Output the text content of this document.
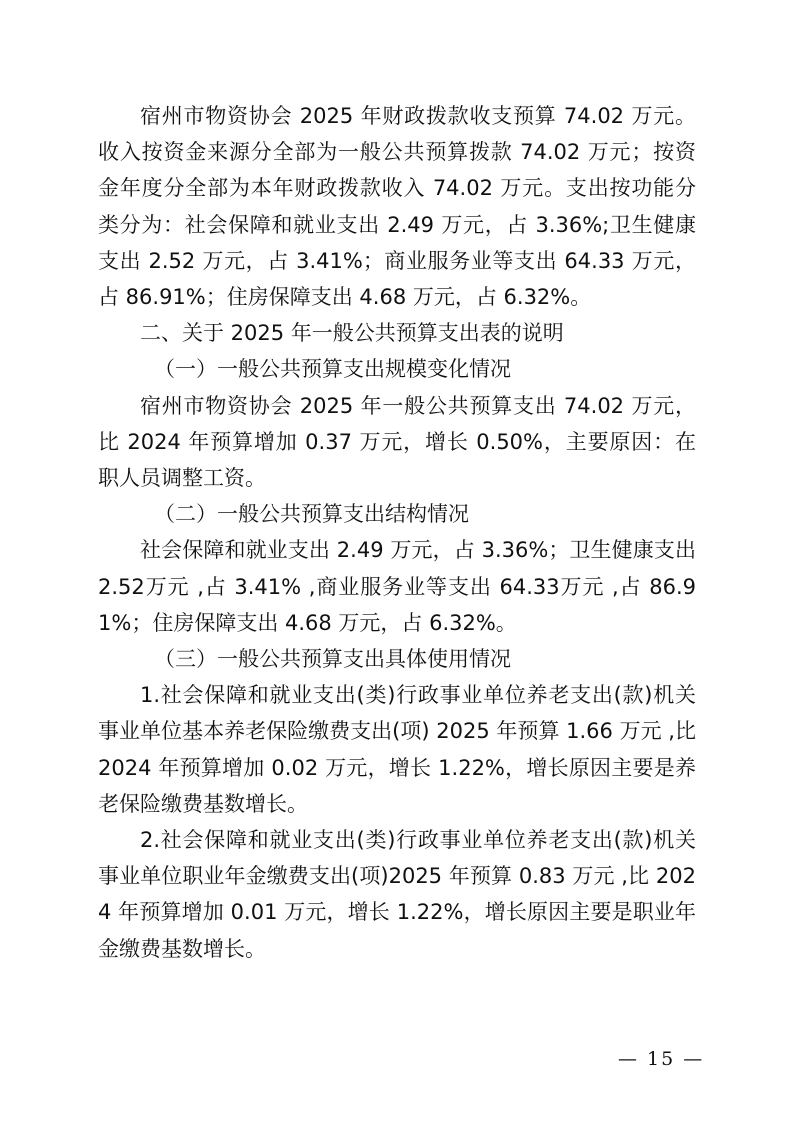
宿州市物资协会 2025 年财政拨款收支预算 74.02 万元。收入按资金来源分全部为一般公共预算拨款 74.02 万元；按资金年度分全部为本年财政拨款收入 74.02 万元。支出按功能分类分为：社会保障和就业支出 2.49 万元，占 3.36%;卫生健康支出 2.52 万元，占 3.41%；商业服务业等支出 64.33 万元，占 86.91%；住房保障支出 4.68 万元，占 6.32%。

二、关于 2025 年一般公共预算支出表的说明

（一）一般公共预算支出规模变化情况

宿州市物资协会 2025 年一般公共预算支出 74.02 万元，比 2024 年预算增加 0.37 万元，增长 0.50%，主要原因：在职人员调整工资。

（二）一般公共预算支出结构情况

社会保障和就业支出 2.49 万元，占 3.36%；卫生健康支出 2.52万元 ,占 3.41% ,商业服务业等支出 64.33万元 ,占 86.91%；住房保障支出 4.68 万元，占 6.32%。

（三）一般公共预算支出具体使用情况

1.社会保障和就业支出(类)行政事业单位养老支出(款)机关事业单位基本养老保险缴费支出(项) 2025 年预算 1.66 万元 ,比 2024 年预算增加 0.02 万元，增长 1.22%，增长原因主要是养老保险缴费基数增长。

2.社会保障和就业支出(类)行政事业单位养老支出(款)机关事业单位职业年金缴费支出(项)2025 年预算 0.83 万元 ,比 2024 年预算增加 0.01 万元，增长 1.22%，增长原因主要是职业年金缴费基数增长。

— 15 —
